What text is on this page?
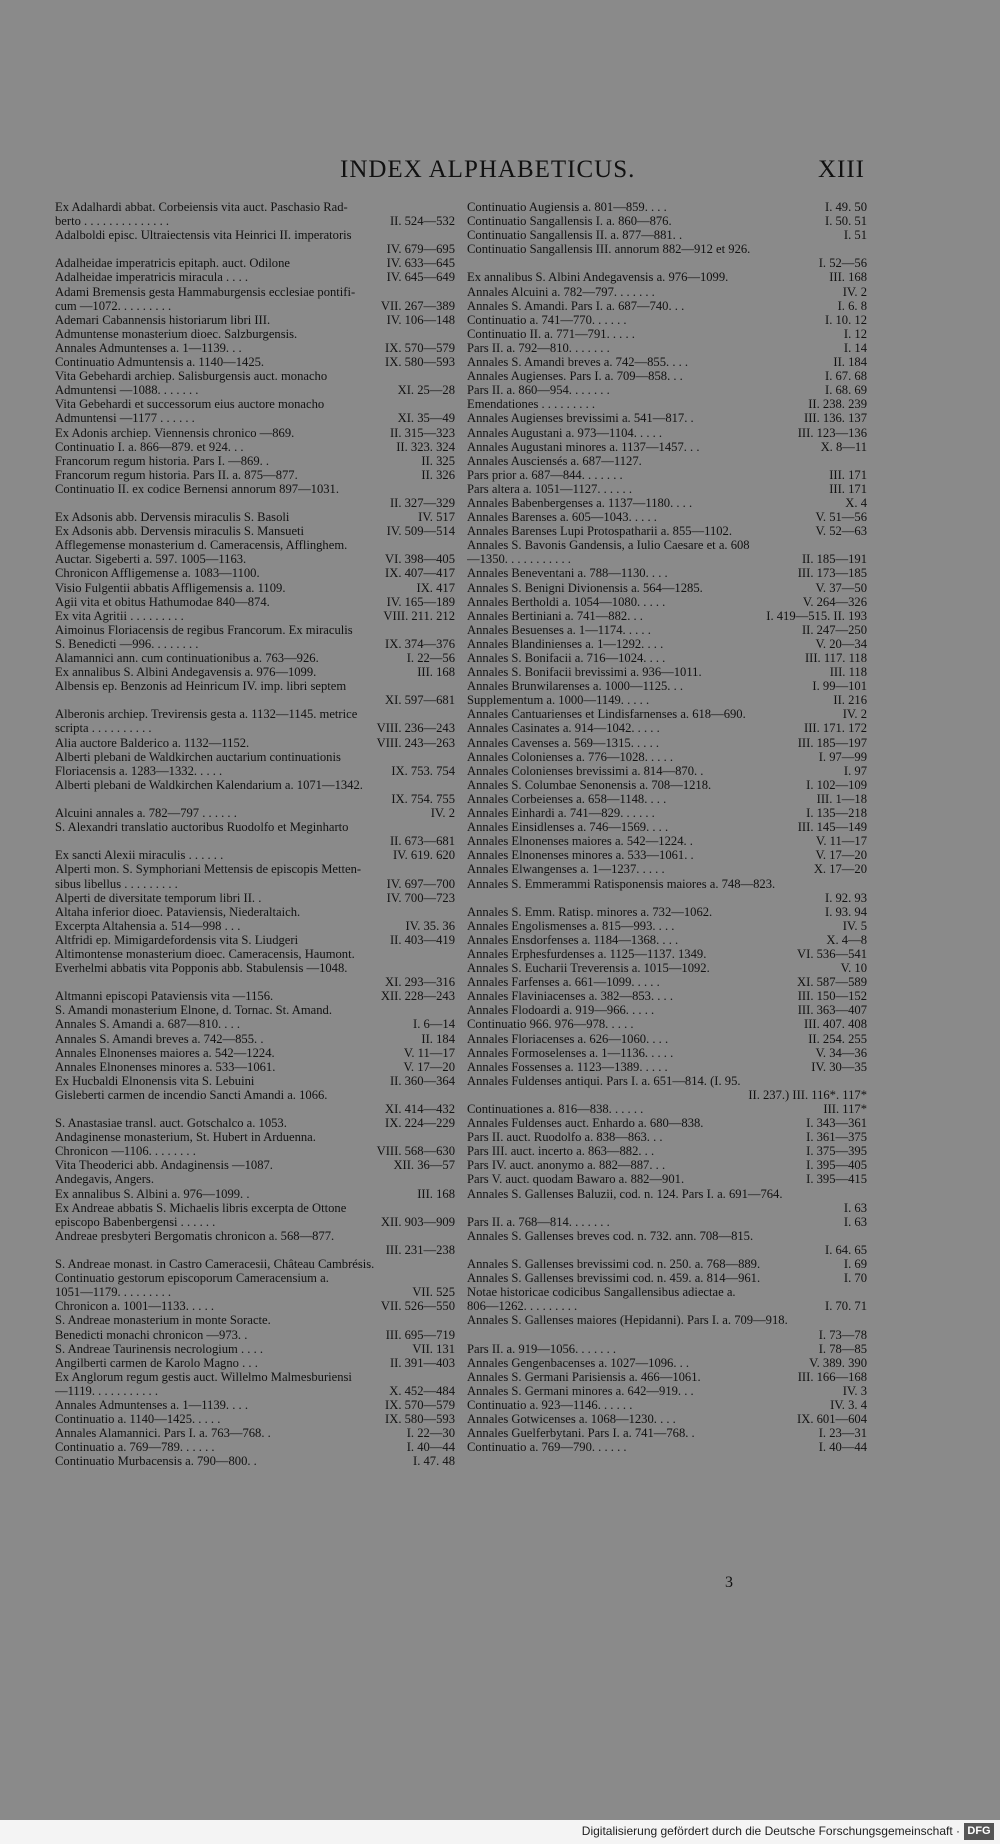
INDEX ALPHABETICUS.	XIII
Ex Adalhardi abbat. Corbeiensis vita auct. Paschasio Rad-
berto . . . . . . . . . . . . . .	II. 524—532
Adalboldi episc. Ultraiectensis vita Heinrici II. imperatoris
IV. 679—695
Adalheidae imperatricis epitaph. auct. Odilone	IV. 633—645
Adalheidae imperatricis miracula . . . .	IV. 645—649
Adami Bremensis gesta Hammaburgensis ecclesiae pontifi-
cum —1072. . . . . . . . .	VII. 267—389
Ademari Cabannensis historiarum libri III.	IV. 106—148
Admuntense monasterium dioec. Salzburgensis.
Annales Admuntenses a. 1—1139. . .	IX. 570—579
Continuatio Admuntensis a. 1140—1425.	IX. 580—593
Vita Gebehardi archiep. Salisburgensis auct. monacho
Admuntensi —1088. . . . . . .	XI. 25—28
Vita Gebehardi et successorum eius auctore monacho
Admuntensi —1177 . . . . . .	XI. 35—49
Ex Adonis archiep. Viennensis chronico —869.	II. 315—323
Continuatio I. a. 866—879. et 924. . .	II. 323. 324
Francorum regum historia. Pars I. —869. .	II. 325
Francorum regum historia. Pars II. a. 875—877.	II. 326
Continuatio II. ex codice Bernensi annorum 897—1031.
II. 327—329
Ex Adsonis abb. Dervensis miraculis S. Basoli	IV. 517
Ex Adsonis abb. Dervensis miraculis S. Mansueti	IV. 509—514
Afflegemense monasterium d. Cameracensis, Afflinghem.
Auctar. Sigeberti a. 597. 1005—1163.	VI. 398—405
Chronicon Affligemense a. 1083—1100.	IX. 407—417
Visio Fulgentii abbatis Affligemensis a. 1109.	IX. 417
Agii vita et obitus Hathumodae 840—874.	IV. 165—189
Ex vita Agritii . . . . . . . . .	VIII. 211. 212
Aimoinus Floriacensis de regibus Francorum. Ex miraculis
S. Benedicti —996. . . . . . . .	IX. 374—376
Alamannici ann. cum continuationibus a. 763—926.	I. 22—56
Ex annalibus S. Albini Andegavensis a. 976—1099.	III. 168
Albensis ep. Benzonis ad Heinricum IV. imp. libri septem
XI. 597—681
Alberonis archiep. Trevirensis gesta a. 1132—1145. metrice
scripta . . . . . . . . . .	VIII. 236—243
Alia auctore Balderico a. 1132—1152.	VIII. 243—263
Alberti plebani de Waldkirchen auctarium continuationis
Floriacensis a. 1283—1332. . . . .	IX. 753. 754
Alberti plebani de Waldkirchen Kalendarium a. 1071—1342.
IX. 754. 755
Alcuini annales a. 782—797 . . . . . .	IV. 2
S. Alexandri translatio auctoribus Ruodolfo et Meginharto
II. 673—681
Ex sancti Alexii miraculis . . . . . .	IV. 619. 620
Alperti mon. S. Symphoriani Mettensis de episcopis Metten-
sibus libellus . . . . . . . . .	IV. 697—700
Alperti de diversitate temporum libri II. .	IV. 700—723
Altaha inferior dioec. Pataviensis, Niederaltaich.
Excerpta Altahensia a. 514—998 . . .	IV. 35. 36
Altfridi ep. Mimigardefordensis vita S. Liudgeri	II. 403—419
Altimontense monasterium dioec. Cameracensis, Haumont.
Everhelmi abbatis vita Popponis abb. Stabulensis —1048.
XI. 293—316
Altmanni episcopi Pataviensis vita —1156.	XII. 228—243
S. Amandi monasterium Elnone, d. Tornac. St. Amand.
Annales S. Amandi a. 687—810. . . .	I. 6—14
Annales S. Amandi breves a. 742—855. .	II. 184
Annales Elnonenses maiores a. 542—1224.	V. 11—17
Annales Elnonenses minores a. 533—1061.	V. 17—20
Ex Hucbaldi Elnonensis vita S. Lebuini	II. 360—364
Gisleberti carmen de incendio Sancti Amandi a. 1066.
XI. 414—432
S. Anastasiae transl. auct. Gotschalco a. 1053.	IX. 224—229
Andaginense monasterium, St. Hubert in Arduenna.
Chronicon —1106. . . . . . . .	VIII. 568—630
Vita Theoderici abb. Andaginensis —1087.	XII. 36—57
Andegavis, Angers.
Ex annalibus S. Albini a. 976—1099. .	III. 168
Ex Andreae abbatis S. Michaelis libris excerpta de Ottone
episcopo Babenbergensi . . . . . .	XII. 903—909
Andreae presbyteri Bergomatis chronicon a. 568—877.
III. 231—238
S. Andreae monast. in Castro Cameracesii, Château Cambrésis.
Continuatio gestorum episcoporum Cameracensium a.
1051—1179. . . . . . . . .	VII. 525
Chronicon a. 1001—1133. . . . .	VII. 526—550
S. Andreae monasterium in monte Soracte.
Benedicti monachi chronicon —973. .	III. 695—719
S. Andreae Taurinensis necrologium . . . .	VII. 131
Angilberti carmen de Karolo Magno . . .	II. 391—403
Ex Anglorum regum gestis auct. Willelmo Malmesburiensi
—1119. . . . . . . . . . .	X. 452—484
Annales Admuntenses a. 1—1139. . . .	IX. 570—579
Continuatio a. 1140—1425. . . . .	IX. 580—593
Annales Alamannici. Pars I. a. 763—768. .	I. 22—30
Continuatio a. 769—789. . . . . .	I. 40—44
Continuatio Murbacensis a. 790—800. .	I. 47. 48
Continuatio Augiensis a. 801—859. . . .	I. 49. 50
Continuatio Sangallensis I. a. 860—876.	I. 50. 51
Continuatio Sangallensis II. a. 877—881. .	I. 51
Continuatio Sangallensis III. annorum 882—912 et 926.
I. 52—56
Ex annalibus S. Albini Andegavensis a. 976—1099.	III. 168
Annales Alcuini a. 782—797. . . . . . .	IV. 2
Annales S. Amandi. Pars I. a. 687—740. . .	I. 6. 8
Continuatio a. 741—770. . . . . .	I. 10. 12
Continuatio II. a. 771—791. . . . .	I. 12
Pars II. a. 792—810. . . . . . .	I. 14
Annales S. Amandi breves a. 742—855. . . .	II. 184
Annales Augienses. Pars I. a. 709—858. . .	I. 67. 68
Pars II. a. 860—954. . . . . . .	I. 68. 69
Emendationes . . . . . . . . .	II. 238. 239
Annales Augienses brevissimi a. 541—817. .	III. 136. 137
Annales Augustani a. 973—1104. . . . .	III. 123—136
Annales Augustani minores a. 1137—1457. . .	X. 8—11
Annales Ausciensés a. 687—1127.
Pars prior a. 687—844. . . . . . .	III. 171
Pars altera a. 1051—1127. . . . . .	III. 171
Annales Babenbergenses a. 1137—1180. . . .	X. 4
Annales Barenses a. 605—1043. . . . .	V. 51—56
Annales Barenses Lupi Protospatharii a. 855—1102.	V. 52—63
Annales S. Bavonis Gandensis, a Iulio Caesare et a. 608
—1350. . . . . . . . . . .	II. 185—191
Annales Beneventani a. 788—1130. . . .	III. 173—185
Annales S. Benigni Divionensis a. 564—1285.	V. 37—50
Annales Bertholdi a. 1054—1080. . . . .	V. 264—326
Annales Bertiniani a. 741—882. . .	I. 419—515. II. 193
Annales Besuenses a. 1—1174. . . . .	II. 247—250
Annales Blandinienses a. 1—1292. . . .	V. 20—34
Annales S. Bonifacii a. 716—1024. . . .	III. 117. 118
Annales S. Bonifacii brevissimi a. 936—1011.	III. 118
Annales Brunwilarenses a. 1000—1125. . .	I. 99—101
Supplementum a. 1000—1149. . . . .	II. 216
Annales Cantuarienses et Lindisfarnenses a. 618—690.	IV. 2
Annales Casinates a. 914—1042. . . . .	III. 171. 172
Annales Cavenses a. 569—1315. . . . .	III. 185—197
Annales Colonienses a. 776—1028. . . . .	I. 97—99
Annales Colonienses brevissimi a. 814—870. .	I. 97
Annales S. Columbae Senonensis a. 708—1218.	I. 102—109
Annales Corbeienses a. 658—1148. . . .	III. 1—18
Annales Einhardi a. 741—829. . . . . .	I. 135—218
Annales Einsidlenses a. 746—1569. . . .	III. 145—149
Annales Elnonenses maiores a. 542—1224. .	V. 11—17
Annales Elnonenses minores a. 533—1061. .	V. 17—20
Annales Elwangenses a. 1—1237. . . . .	X. 17—20
Annales S. Emmerammi Ratisponensis maiores a. 748—823.
I. 92. 93
Annales S. Emm. Ratisp. minores a. 732—1062.	I. 93. 94
Annales Engolismenses a. 815—993. . . .	IV. 5
Annales Ensdorfenses a. 1184—1368. . . .	X. 4—8
Annales Erphesfurdenses a. 1125—1137. 1349.	VI. 536—541
Annales S. Eucharii Treverensis a. 1015—1092.	V. 10
Annales Farfenses a. 661—1099. . . . .	XI. 587—589
Annales Flaviniacenses a. 382—853. . . .	III. 150—152
Annales Flodoardi a. 919—966. . . . .	III. 363—407
Continuatio 966. 976—978. . . . .	III. 407. 408
Annales Floriacenses a. 626—1060. . . .	II. 254. 255
Annales Formoselenses a. 1—1136. . . . .	V. 34—36
Annales Fossenses a. 1123—1389. . . . .	IV. 30—35
Annales Fuldenses antiqui. Pars I. a. 651—814. (I. 95.
II. 237.) III. 116*. 117*
Continuationes a. 816—838. . . . . .	III. 117*
Annales Fuldenses auct. Enhardo a. 680—838.	I. 343—361
Pars II. auct. Ruodolfo a. 838—863. . .	I. 361—375
Pars III. auct. incerto a. 863—882. . .	I. 375—395
Pars IV. auct. anonymo a. 882—887. . .	I. 395—405
Pars V. auct. quodam Bawaro a. 882—901.	I. 395—415
Annales S. Gallenses Baluzii, cod. n. 124. Pars I. a. 691—764.
I. 63
Pars II. a. 768—814. . . . . . .	I. 63
Annales S. Gallenses breves cod. n. 732. ann. 708—815.
I. 64. 65
Annales S. Gallenses brevissimi cod. n. 250. a. 768—889.	I. 69
Annales S. Gallenses brevissimi cod. n. 459. a. 814—961.	I. 70
Notae historicae codicibus Sangallensibus adiectae a.
806—1262. . . . . . . . .	I. 70. 71
Annales S. Gallenses maiores (Hepidanni). Pars I. a. 709—918.
I. 73—78
Pars II. a. 919—1056. . . . . . .	I. 78—85
Annales Gengenbacenses a. 1027—1096. . .	V. 389. 390
Annales S. Germani Parisiensis a. 466—1061.	III. 166—168
Annales S. Germani minores a. 642—919. . .	IV. 3
Continuatio a. 923—1146. . . . . .	IV. 3. 4
Annales Gotwicenses a. 1068—1230. . . .	IX. 601—604
Annales Guelferbytani. Pars I. a. 741—768. .	I. 23—31
Continuatio a. 769—790. . . . . .	I. 40—44
3
Digitalisierung gefördert durch die Deutsche Forschungsgemeinschaft · DFG
